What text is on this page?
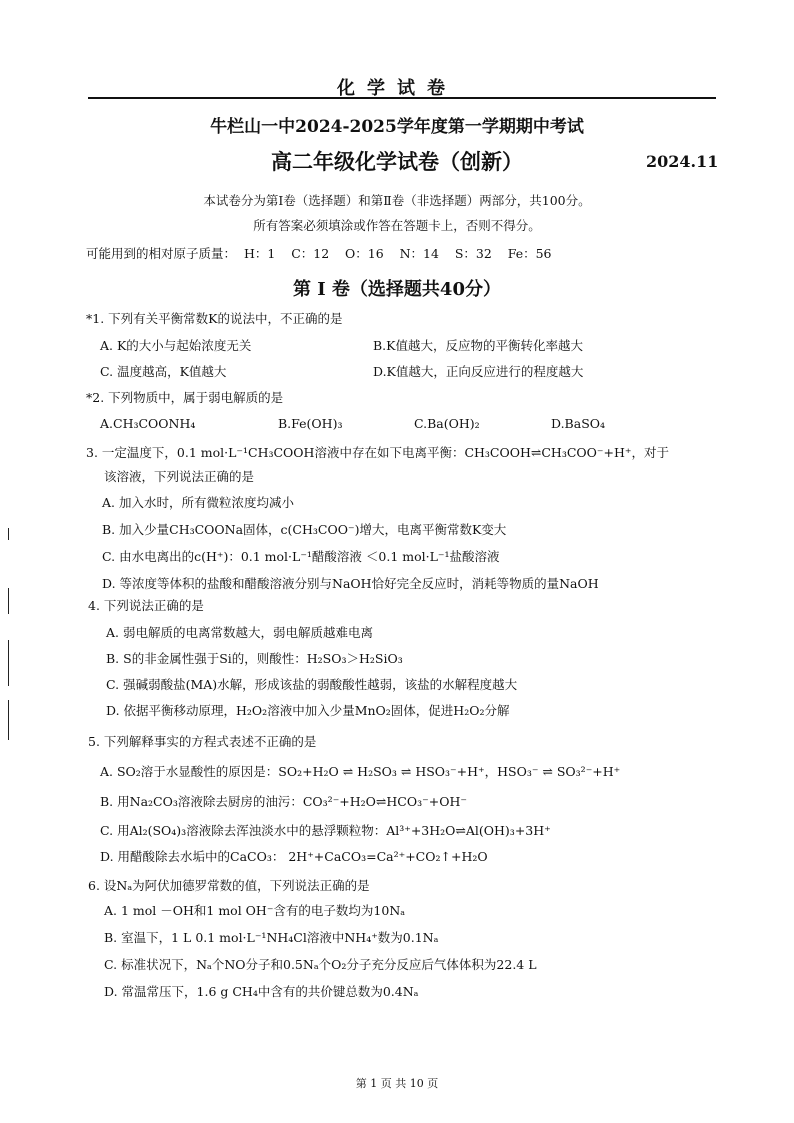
化学试卷
牛栏山一中2024-2025学年度第一学期期中考试
高二年级化学试卷（创新）	2024.11
本试卷分为第Ⅰ卷（选择题）和第Ⅱ卷（非选择题）两部分，共100分。
所有答案必须填涂或作答在答题卡上，否则不得分。
可能用到的相对原子质量：  H：1    C：12    O：16    N：14    S：32    Fe：56
第 Ⅰ 卷（选择题共40分）
*1. 下列有关平衡常数K的说法中，不正确的是
A. K的大小与起始浓度无关	B.K值越大，反应物的平衡转化率越大
C. 温度越高，K值越大	D.K值越大，正向反应进行的程度越大
*2. 下列物质中，属于弱电解质的是
A.CH₃COONH₄	B.Fe(OH)₃	C.Ba(OH)₂	D.BaSO₄
3. 一定温度下，0.1 mol·L⁻¹CH₃COOH溶液中存在如下电离平衡：CH₃COOH⇌CH₃COO⁻+H⁺，对于
该溶液，下列说法正确的是
A. 加入水时，所有微粒浓度均减小
B. 加入少量CH₃COONa固体，c(CH₃COO⁻)增大，电离平衡常数K变大
C. 由水电离出的c(H⁺)：0.1 mol·L⁻¹醋酸溶液 ＜0.1 mol·L⁻¹盐酸溶液
D. 等浓度等体积的盐酸和醋酸溶液分别与NaOH恰好完全反应时，消耗等物质的量NaOH
4. 下列说法正确的是
A. 弱电解质的电离常数越大，弱电解质越难电离
B. S的非金属性强于Si的，则酸性：H₂SO₃＞H₂SiO₃
C. 强碱弱酸盐(MA)水解，形成该盐的弱酸酸性越弱，该盐的水解程度越大
D. 依据平衡移动原理，H₂O₂溶液中加入少量MnO₂固体，促进H₂O₂分解
5. 下列解释事实的方程式表述不正确的是
A. SO₂溶于水显酸性的原因是：SO₂+H₂O ⇌ H₂SO₃ ⇌ HSO₃⁻+H⁺，HSO₃⁻ ⇌ SO₃²⁻+H⁺
B. 用Na₂CO₃溶液除去厨房的油污：CO₃²⁻+H₂O⇌HCO₃⁻+OH⁻
C. 用Al₂(SO₄)₃溶液除去浑浊淡水中的悬浮颗粒物：Al³⁺+3H₂O⇌Al(OH)₃+3H⁺
D. 用醋酸除去水垢中的CaCO₃： 2H⁺+CaCO₃=Ca²⁺+CO₂↑+H₂O
6. 设Nₐ为阿伏加德罗常数的值，下列说法正确的是
A. 1 mol －OH和1 mol OH⁻含有的电子数均为10Nₐ
B. 室温下，1 L 0.1 mol·L⁻¹NH₄Cl溶液中NH₄⁺数为0.1Nₐ
C. 标准状况下，Nₐ个NO分子和0.5Nₐ个O₂分子充分反应后气体体积为22.4 L
D. 常温常压下，1.6 g CH₄中含有的共价键总数为0.4Nₐ
第 1 页 共 10 页
